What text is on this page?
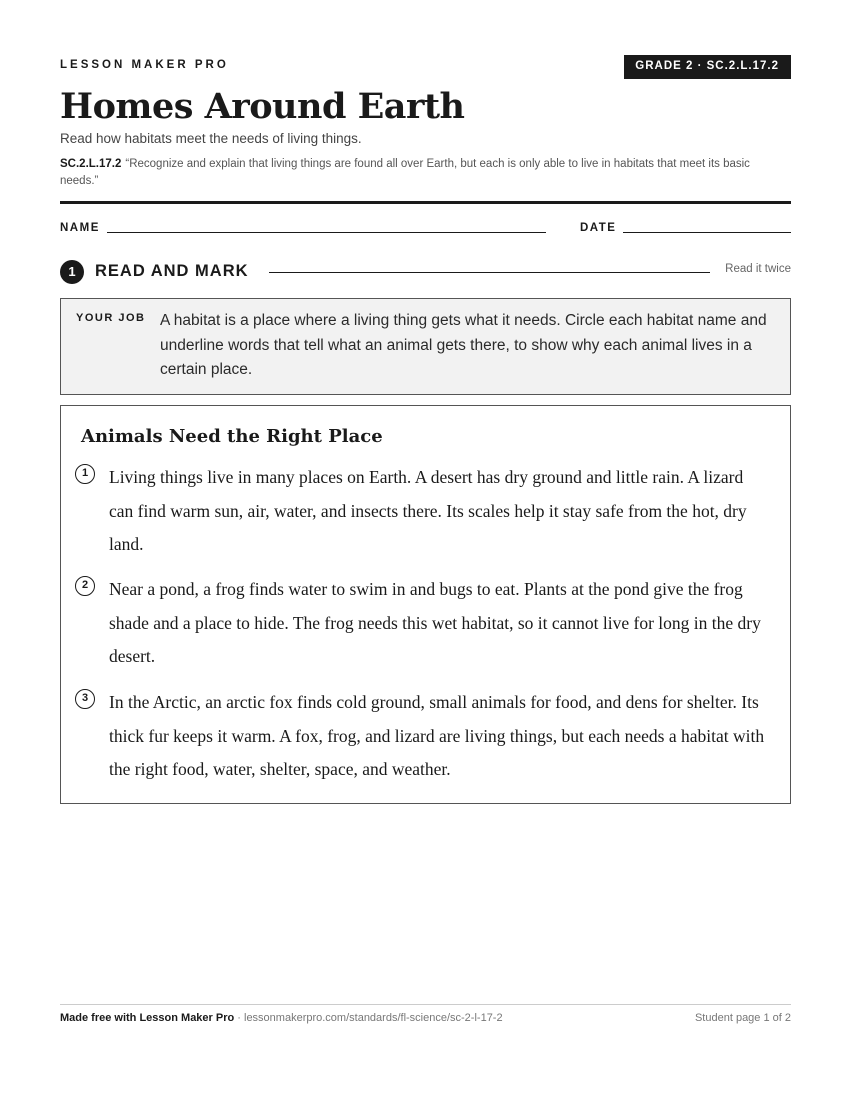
LESSON MAKER PRO	GRADE 2 · SC.2.L.17.2
Homes Around Earth

Read how habitats meet the needs of living things.

SC.2.L.17.2 “Recognize and explain that living things are found all over Earth, but each is only able to live in habitats that meet its basic needs.”

NAME	DATE
1	READ AND MARK	Read it twice
YOUR JOB A habitat is a place where a living thing gets what it needs. Circle each habitat name and underline words that tell what an animal gets there, to show why each animal lives in a certain place.

Animals Need the Right Place
1	Living things live in many places on Earth. A desert has dry ground and little rain. A lizard can find warm sun, air, water, and insects there. Its scales help it stay safe from the hot, dry land.

2	Near a pond, a frog finds water to swim in and bugs to eat. Plants at the pond give the frog shade and a place to hide. The frog needs this wet habitat, so it cannot live for long in the dry desert.

3	In the Arctic, an arctic fox finds cold ground, small animals for food, and dens for shelter. Its thick fur keeps it warm. A fox, frog, and lizard are living things, but each needs a habitat with the right food, water, shelter, space, and weather.

Made free with Lesson Maker Pro · lessonmakerpro.com/standards/fl-science/sc-2-l-17-2	Student page 1 of 2
